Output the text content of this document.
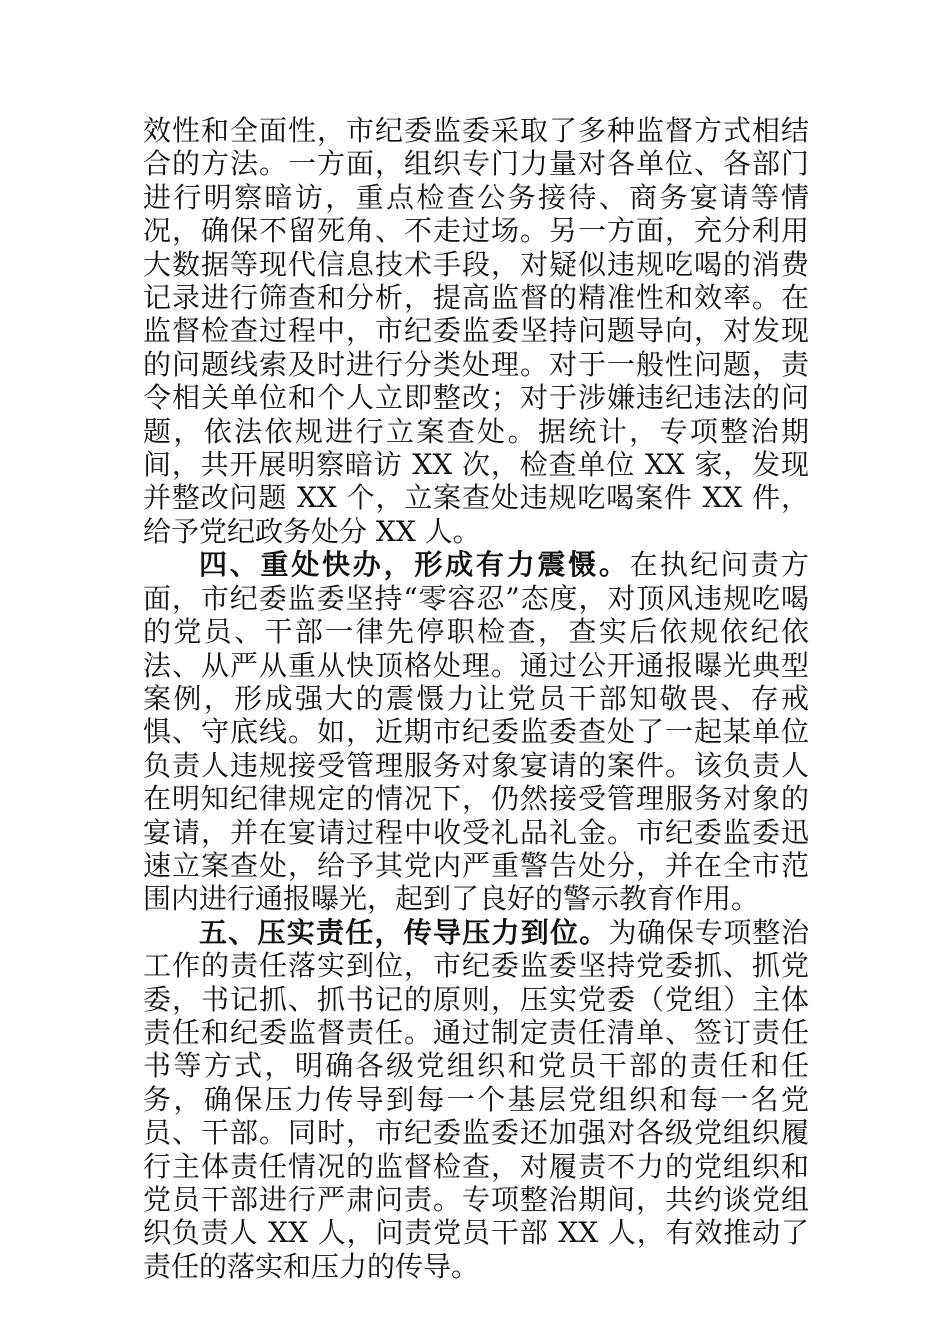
效性和全面性，市纪委监委采取了多种监督方式相结合的方法。一方面，组织专门力量对各单位、各部门进行明察暗访，重点检查公务接待、商务宴请等情况，确保不留死角、不走过场。另一方面，充分利用大数据等现代信息技术手段，对疑似违规吃喝的消费记录进行筛查和分析，提高监督的精准性和效率。在监督检查过程中，市纪委监委坚持问题导向，对发现的问题线索及时进行分类处理。对于一般性问题，责令相关单位和个人立即整改；对于涉嫌违纪违法的问题，依法依规进行立案查处。据统计，专项整治期间，共开展明察暗访 XX 次，检查单位 XX 家，发现并整改问题 XX 个，立案查处违规吃喝案件 XX 件，给予党纪政务处分 XX 人。

四、重处快办，形成有力震慑。在执纪问责方面，市纪委监委坚持“零容忍”态度，对顶风违规吃喝的党员、干部一律先停职检查，查实后依规依纪依法、从严从重从快顶格处理。通过公开通报曝光典型案例，形成强大的震慑力让党员干部知敬畏、存戒惧、守底线。如，近期市纪委监委查处了一起某单位负责人违规接受管理服务对象宴请的案件。该负责人在明知纪律规定的情况下，仍然接受管理服务对象的宴请，并在宴请过程中收受礼品礼金。市纪委监委迅速立案查处，给予其党内严重警告处分，并在全市范围内进行通报曝光，起到了良好的警示教育作用。

五、压实责任，传导压力到位。为确保专项整治工作的责任落实到位，市纪委监委坚持党委抓、抓党委，书记抓、抓书记的原则，压实党委（党组）主体责任和纪委监督责任。通过制定责任清单、签订责任书等方式，明确各级党组织和党员干部的责任和任务，确保压力传导到每一个基层党组织和每一名党员、干部。同时，市纪委监委还加强对各级党组织履行主体责任情况的监督检查，对履责不力的党组织和党员干部进行严肃问责。专项整治期间，共约谈党组织负责人 XX 人，问责党员干部 XX 人，有效推动了责任的落实和压力的传导。
